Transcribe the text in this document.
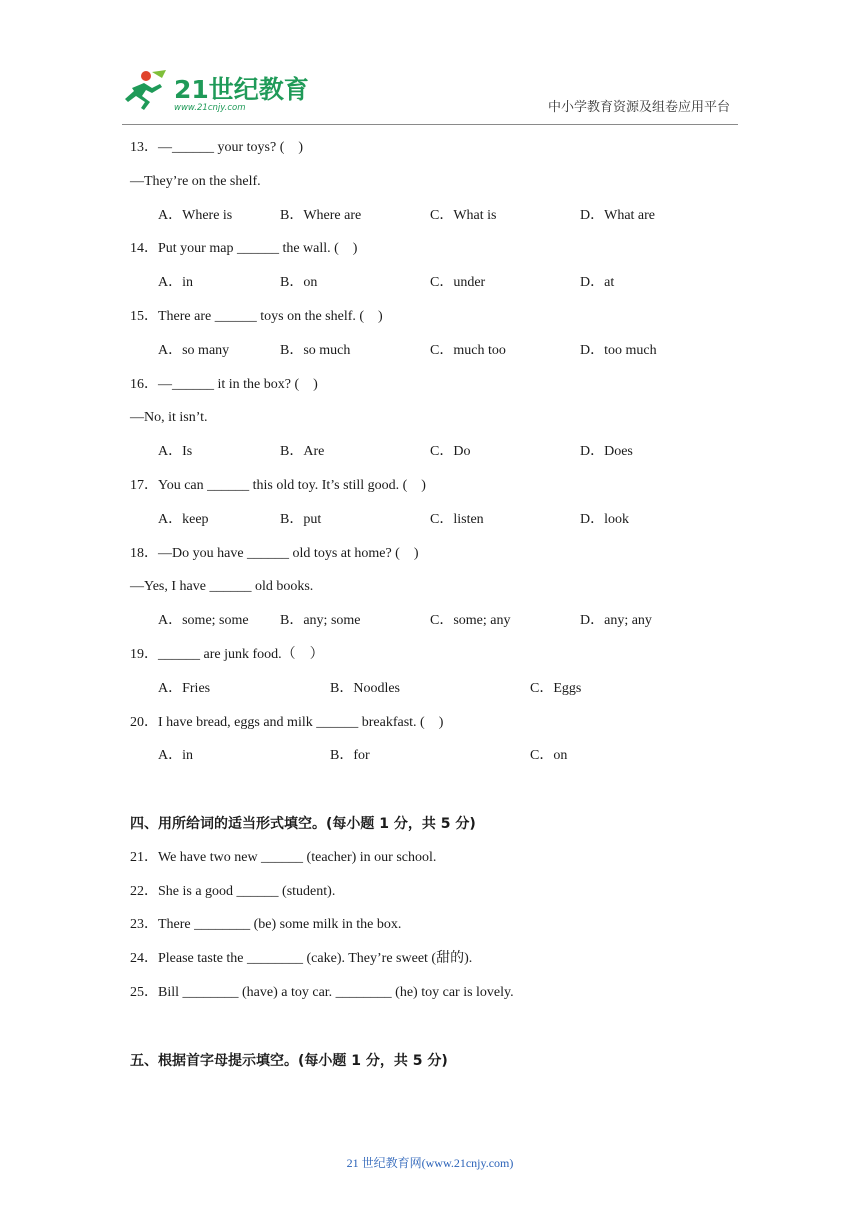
21世纪教育
www.21cnjy.com	中小学教育资源及组卷应用平台
13．—______ your toys? (　)
—They’re on the shelf.
A．Where is	B．Where are	C．What is	D．What are
14．Put your map ______ the wall. (　)
A．in	B．on	C．under	D．at
15．There are ______ toys on the shelf. (　)
A．so many	B．so much	C．much too	D．too much
16．—______ it in the box? (　)
—No, it isn’t.
A．Is	B．Are	C．Do	D．Does
17．You can ______ this old toy. It’s still good. (　)
A．keep	B．put	C．listen	D．look
18．—Do you have ______ old toys at home? (　)
—Yes, I have ______ old books.
A．some; some B．any; some	C．some; any	D．any; any
19．______ are junk food.（　）
A．Fries	B．Noodles	C．Eggs
20．I have bread, eggs and milk ______ breakfast. (　)
A．in	B．for	C．on
四、用所给词的适当形式填空。(每小题 1 分，共 5 分)
21．We have two new ______ (teacher) in our school.
22．She is a good ______ (student).
23．There ________ (be) some milk in the box.
24．Please taste the ________ (cake). They’re sweet (甜的).
25．Bill ________ (have) a toy car. ________ (he) toy car is lovely.
五、根据首字母提示填空。(每小题 1 分，共 5 分)
21 世纪教育网(www.21cnjy.com)
